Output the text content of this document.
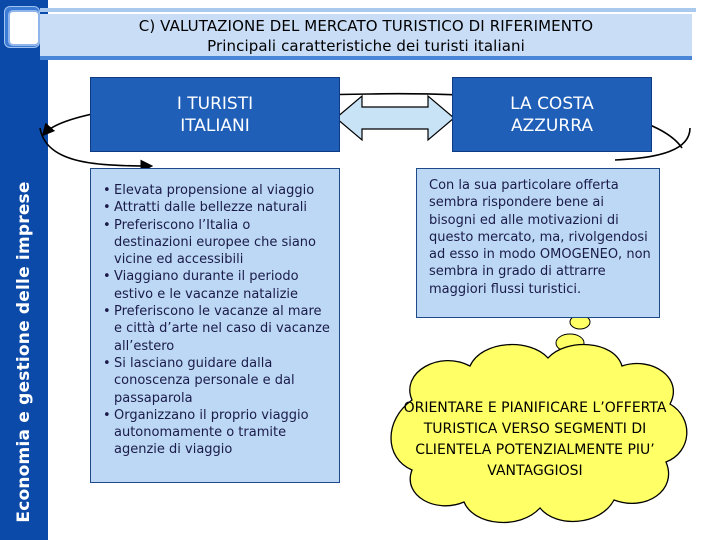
Economia e gestione delle imprese
C) VALUTAZIONE DEL MERCATO TURISTICO DI RIFERIMENTO
Principali caratteristiche dei turisti italiani
I TURISTI
ITALIANI
LA COSTA
AZZURRA
• Elevata propensione al viaggio
• Attratti dalle bellezze naturali
• Preferiscono l’Italia o destinazioni europee che siano vicine ed accessibili
• Viaggiano durante il periodo estivo e le vacanze natalizie
• Preferiscono le vacanze al mare e città d’arte nel caso di vacanze all’estero
• Si lasciano guidare dalla conoscenza personale e dal passaparola
• Organizzano il proprio viaggio autonomamente o tramite agenzie di viaggio

Con la sua particolare offerta sembra rispondere bene ai bisogni ed alle motivazioni di questo mercato, ma, rivolgendosi ad esso in modo OMOGENEO, non sembra in grado di attrarre maggiori flussi turistici.

ORIENTARE E PIANIFICARE L’OFFERTA TURISTICA VERSO SEGMENTI DI CLIENTELA POTENZIALMENTE PIU’ VANTAGGIOSI
